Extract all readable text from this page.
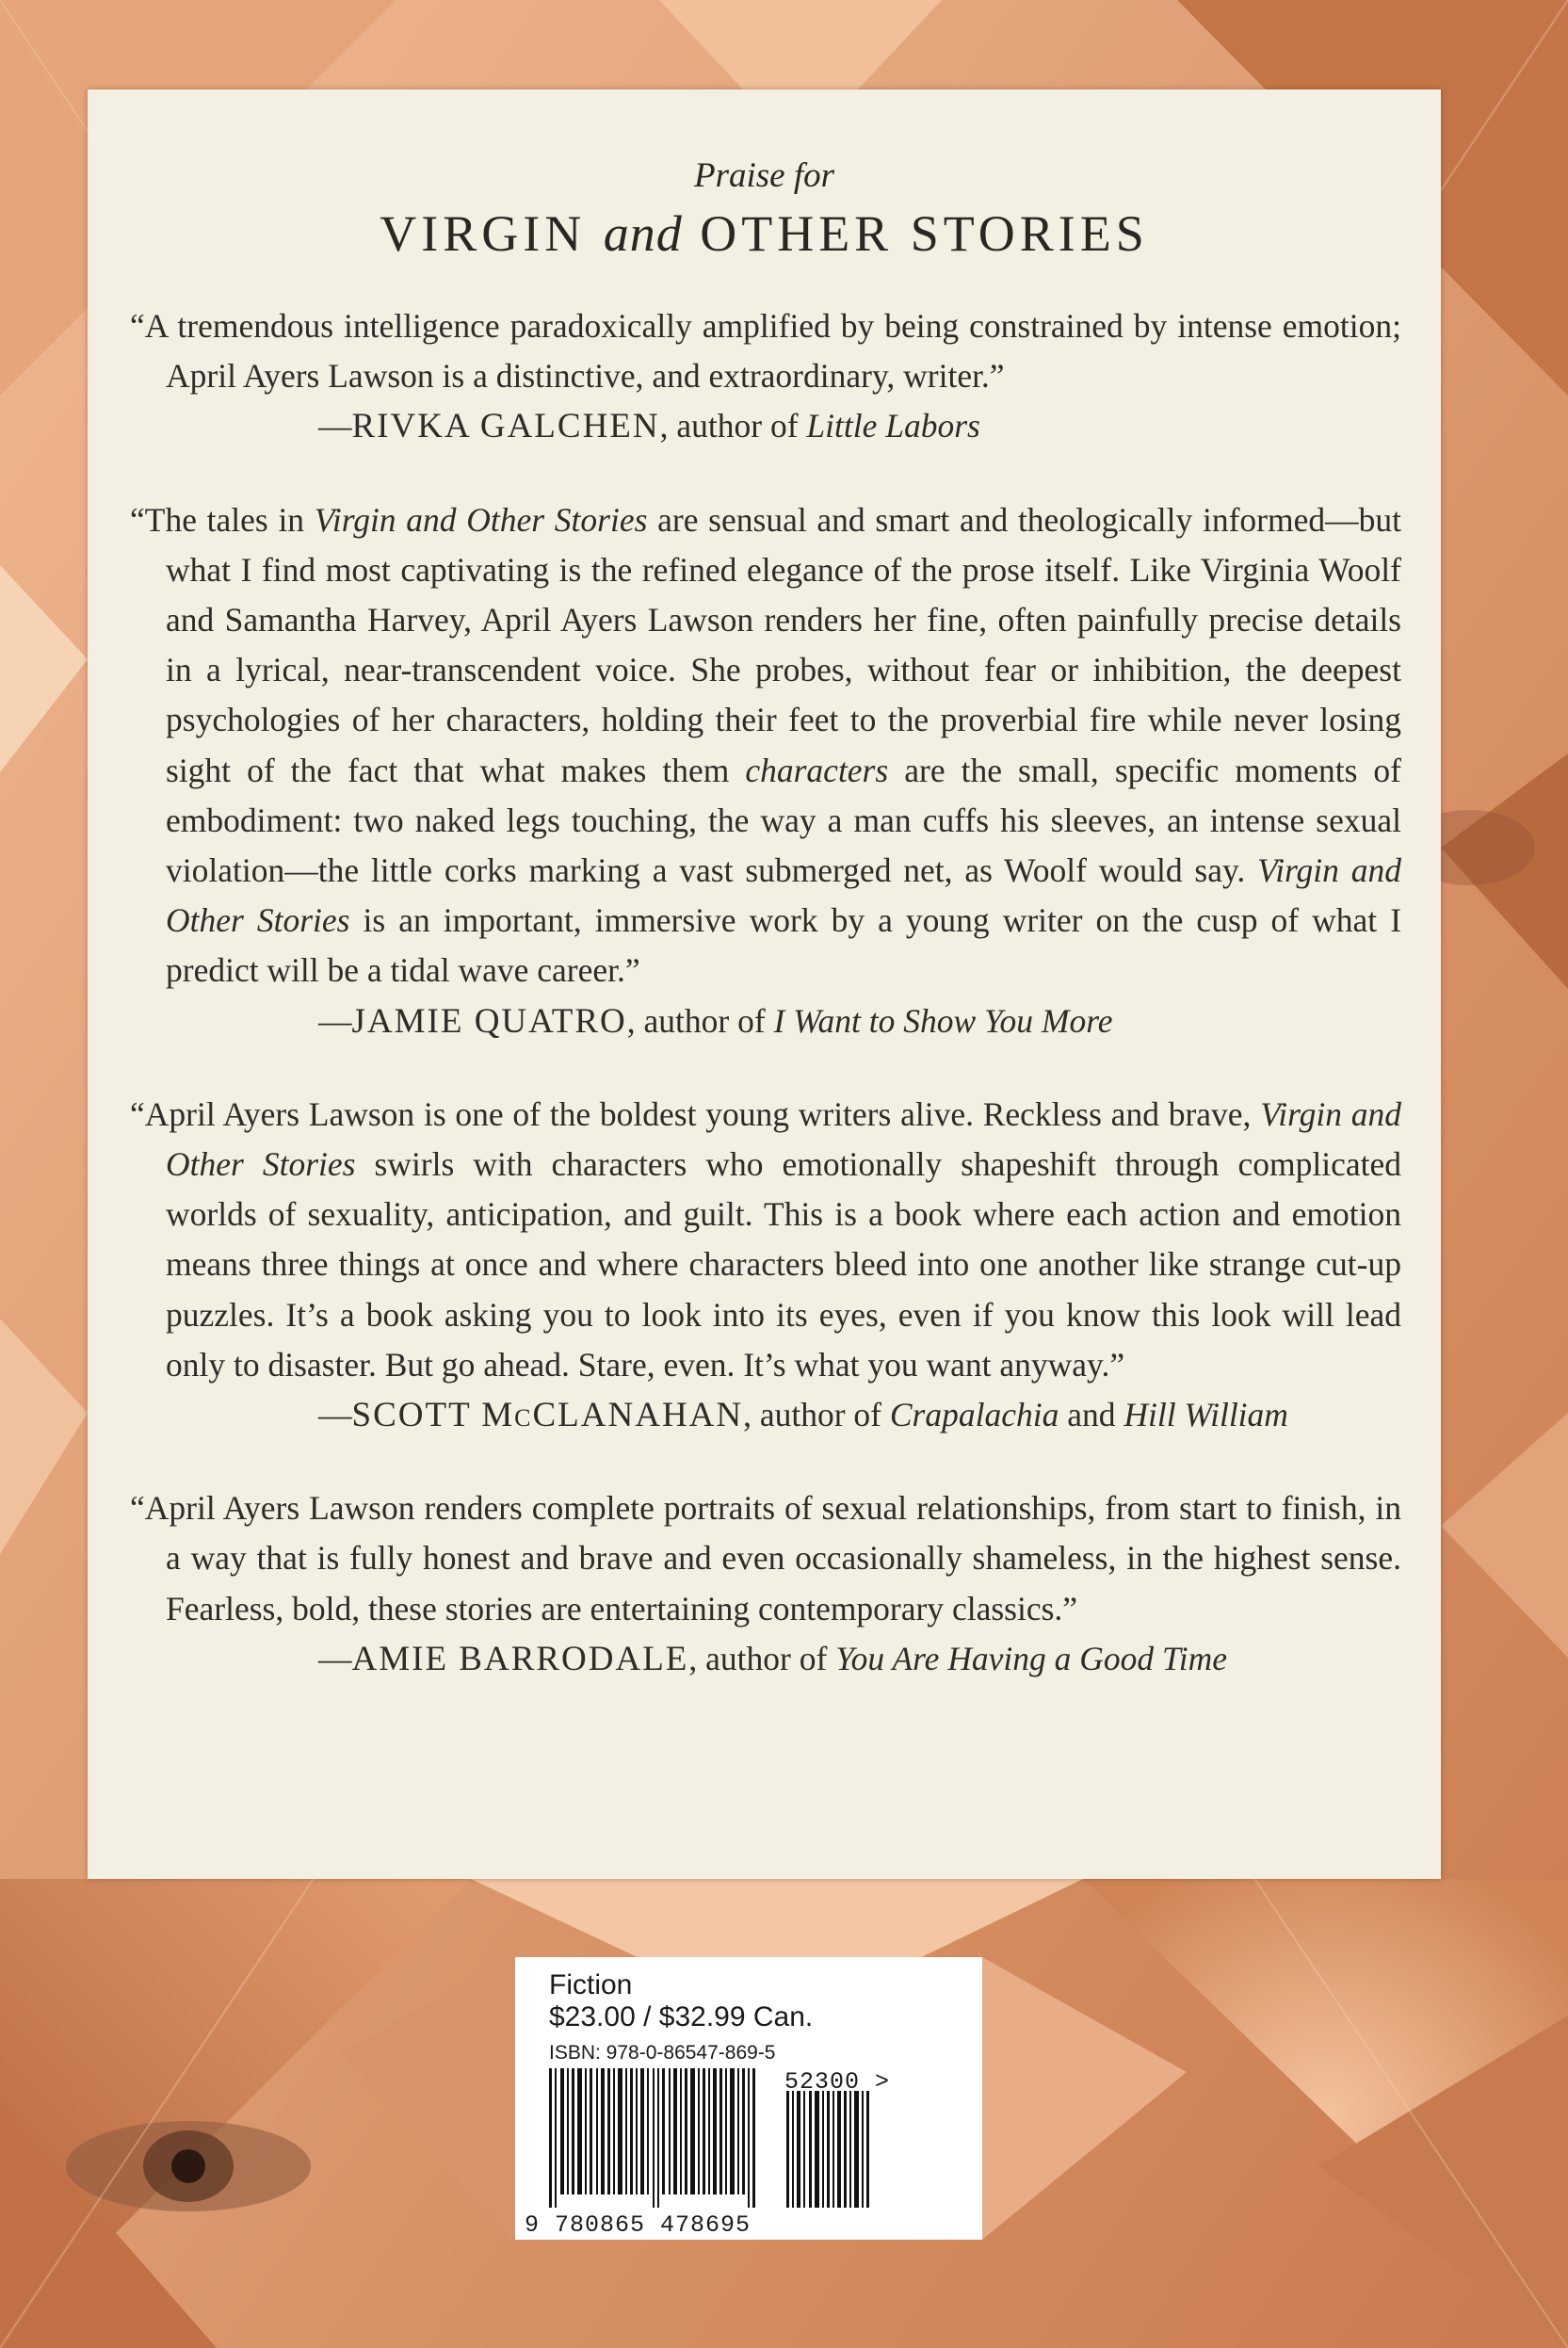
Praise for
VIRGIN and OTHER STORIES

“A tremendous intelligence paradoxically amplified by being constrained by intense emotion; April Ayers Lawson is a distinctive, and extraordinary, writer.”

—RIVKA GALCHEN, author of Little Labors

“The tales in Virgin and Other Stories are sensual and smart and theologically informed—but what I find most captivating is the refined elegance of the prose itself. Like Virginia Woolf and Samantha Harvey, April Ayers Lawson renders her fine, often painfully precise details in a lyrical, near-transcendent voice. She probes, without fear or inhibition, the deepest psychologies of her characters, holding their feet to the proverbial fire while never losing sight of the fact that what makes them characters are the small, specific moments of embodiment: two naked legs touching, the way a man cuffs his sleeves, an intense sexual violation—the little corks marking a vast submerged net, as Woolf would say. Virgin and Other Stories is an important, immersive work by a young writer on the cusp of what I predict will be a tidal wave career.”

—JAMIE QUATRO, author of I Want to Show You More

“April Ayers Lawson is one of the boldest young writers alive. Reckless and brave, Virgin and Other Stories swirls with characters who emotionally shapeshift through complicated worlds of sexuality, anticipation, and guilt. This is a book where each action and emotion means three things at once and where characters bleed into one another like strange cut-up puzzles. It’s a book asking you to look into its eyes, even if you know this look will lead only to disaster. But go ahead. Stare, even. It’s what you want anyway.”

—SCOTT McCLANAHAN, author of Crapalachia and Hill William

“April Ayers Lawson renders complete portraits of sexual relationships, from start to finish, in a way that is fully honest and brave and even occasionally shameless, in the highest sense. Fearless, bold, these stories are entertaining contemporary classics.”

—AMIE BARRODALE, author of You Are Having a Good Time

Fiction
$23.00 / $32.99 Can.
ISBN: 978-0-86547-869-5
9 780865 478695
52300 >
